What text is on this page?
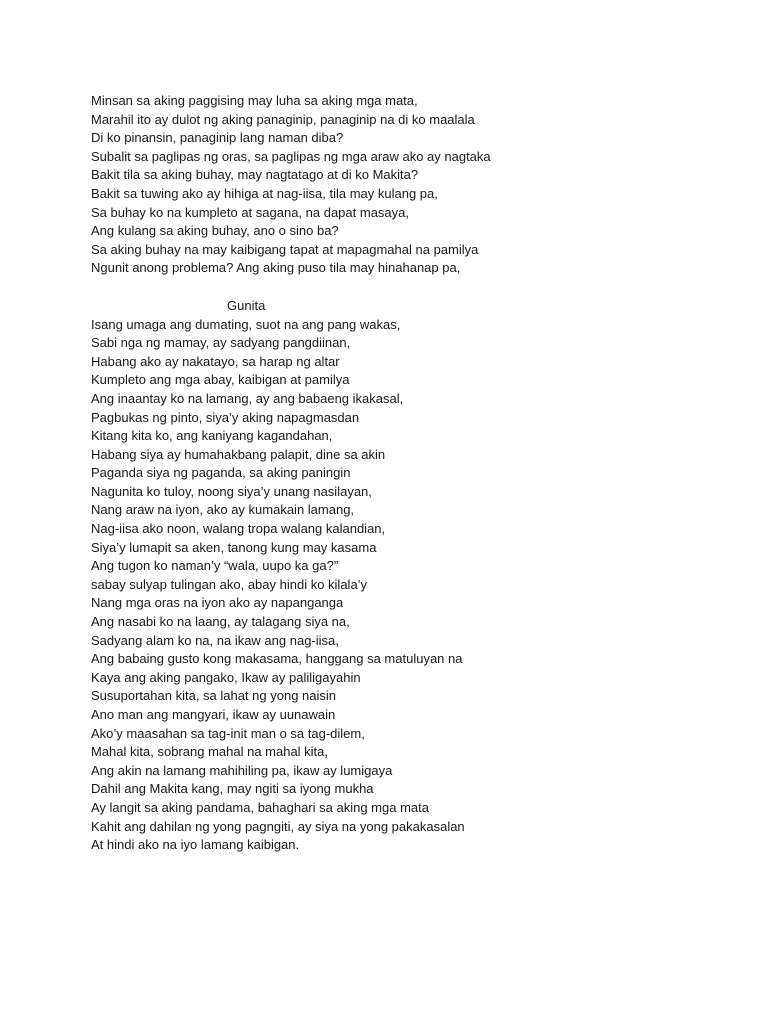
Minsan sa aking paggising may luha sa aking mga mata,
Marahil ito ay dulot ng aking panaginip, panaginip na di ko maalala
Di ko pinansin, panaginip lang naman diba?
Subalit sa paglipas ng oras, sa paglipas ng mga araw ako ay nagtaka
Bakit tila sa aking buhay, may nagtatago at di ko Makita?
Bakit sa tuwing ako ay hihiga at nag-iisa, tila may kulang pa,
Sa buhay ko na kumpleto at sagana, na dapat masaya,
Ang kulang sa aking buhay, ano o sino ba?
Sa aking buhay na may kaibigang tapat at mapagmahal na pamilya
Ngunit anong problema? Ang aking puso tila may hinahanap pa,
Gunita
Isang umaga ang dumating, suot na ang pang wakas,
Sabi nga ng mamay, ay sadyang pangdiinan,
Habang ako ay nakatayo, sa harap ng altar
Kumpleto ang mga abay, kaibigan at pamilya
Ang inaantay ko na lamang, ay ang babaeng ikakasal,
Pagbukas ng pinto, siya’y aking napagmasdan
Kitang kita ko, ang kaniyang kagandahan,
Habang siya ay humahakbang palapit, dine sa akin
Paganda siya ng paganda, sa aking paningin
Nagunita ko tuloy, noong siya’y unang nasilayan,
Nang araw na iyon, ako ay kumakain lamang,
Nag-iisa ako noon, walang tropa walang kalandian,
Siya’y lumapit sa aken, tanong kung may kasama
Ang tugon ko naman’y “wala, uupo ka ga?”
sabay sulyap tulingan ako, abay hindi ko kilala’y
Nang mga oras na iyon ako ay napanganga
Ang nasabi ko na laang, ay talagang siya na,
Sadyang alam ko na, na ikaw ang nag-iisa,
Ang babaing gusto kong makasama, hanggang sa matuluyan na
Kaya ang aking pangako, Ikaw ay paliligayahin
Susuportahan kita, sa lahat ng yong naisin
Ano man ang mangyari, ikaw ay uunawain
Ako’y maasahan sa tag-init man o sa tag-dilem,
Mahal kita, sobrang mahal na mahal kita,
Ang akin na lamang mahihiling pa, ikaw ay lumigaya
Dahil ang Makita kang, may ngiti sa iyong mukha
Ay langit sa aking pandama, bahaghari sa aking mga mata
Kahit ang dahilan ng yong pagngiti, ay siya na yong pakakasalan
At hindi ako na iyo lamang kaibigan.
